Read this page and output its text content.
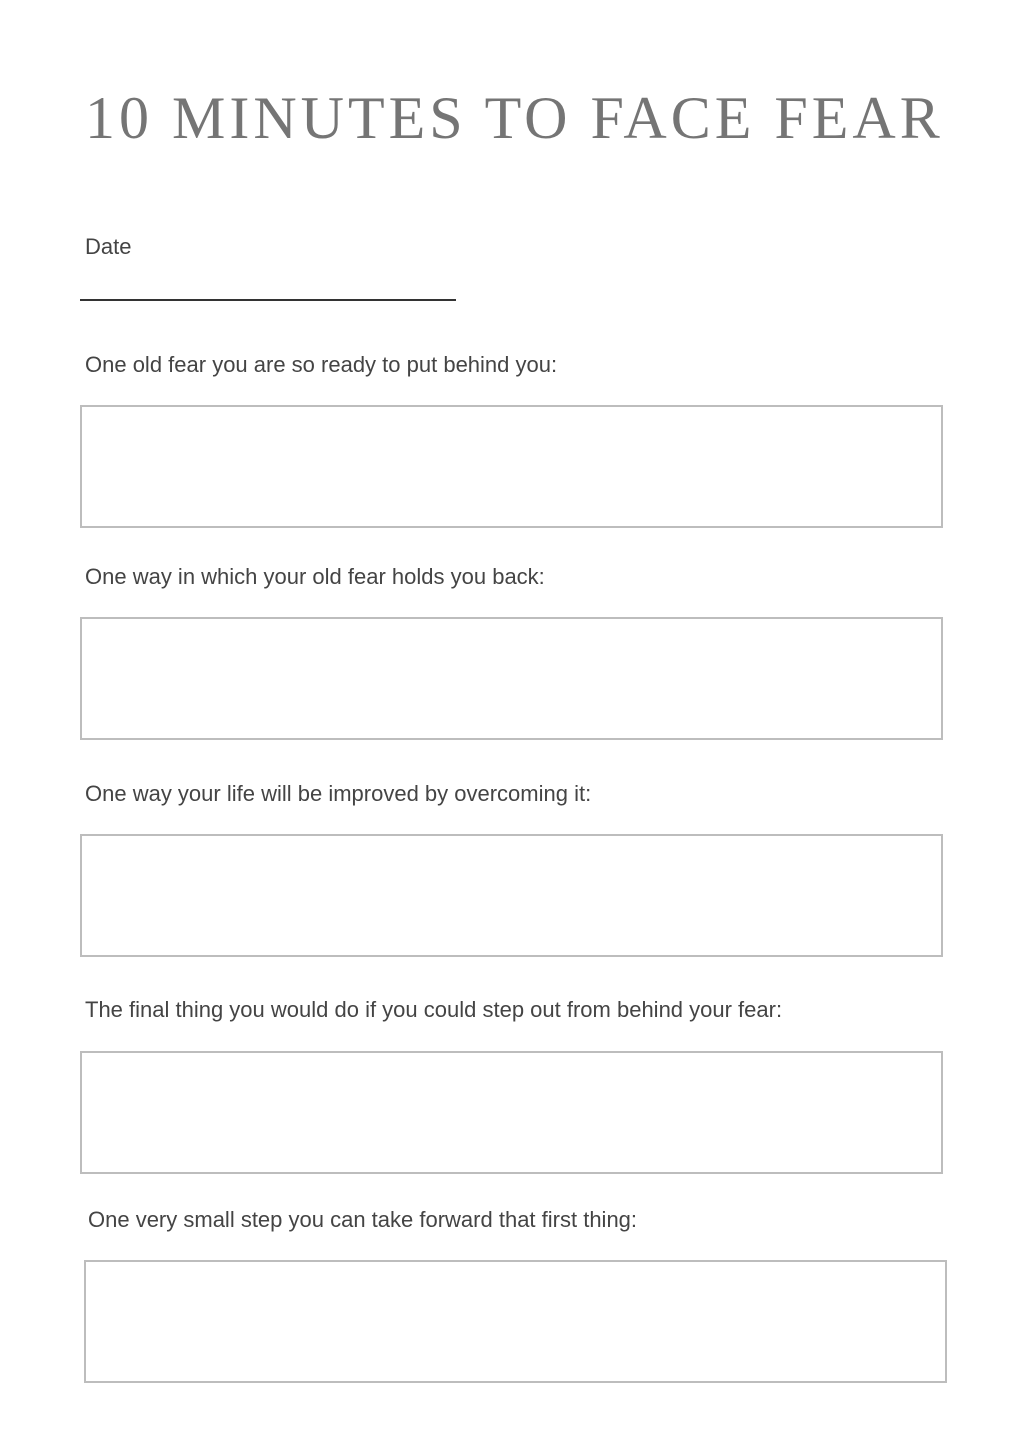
10 MINUTES TO FACE FEAR
Date
One old fear you are so ready to put behind you:
One way in which your old fear holds you back:
One way your life will be improved by overcoming it:
The final thing you would do if you could step out from behind your fear:
One very small step you can take forward that first thing:
